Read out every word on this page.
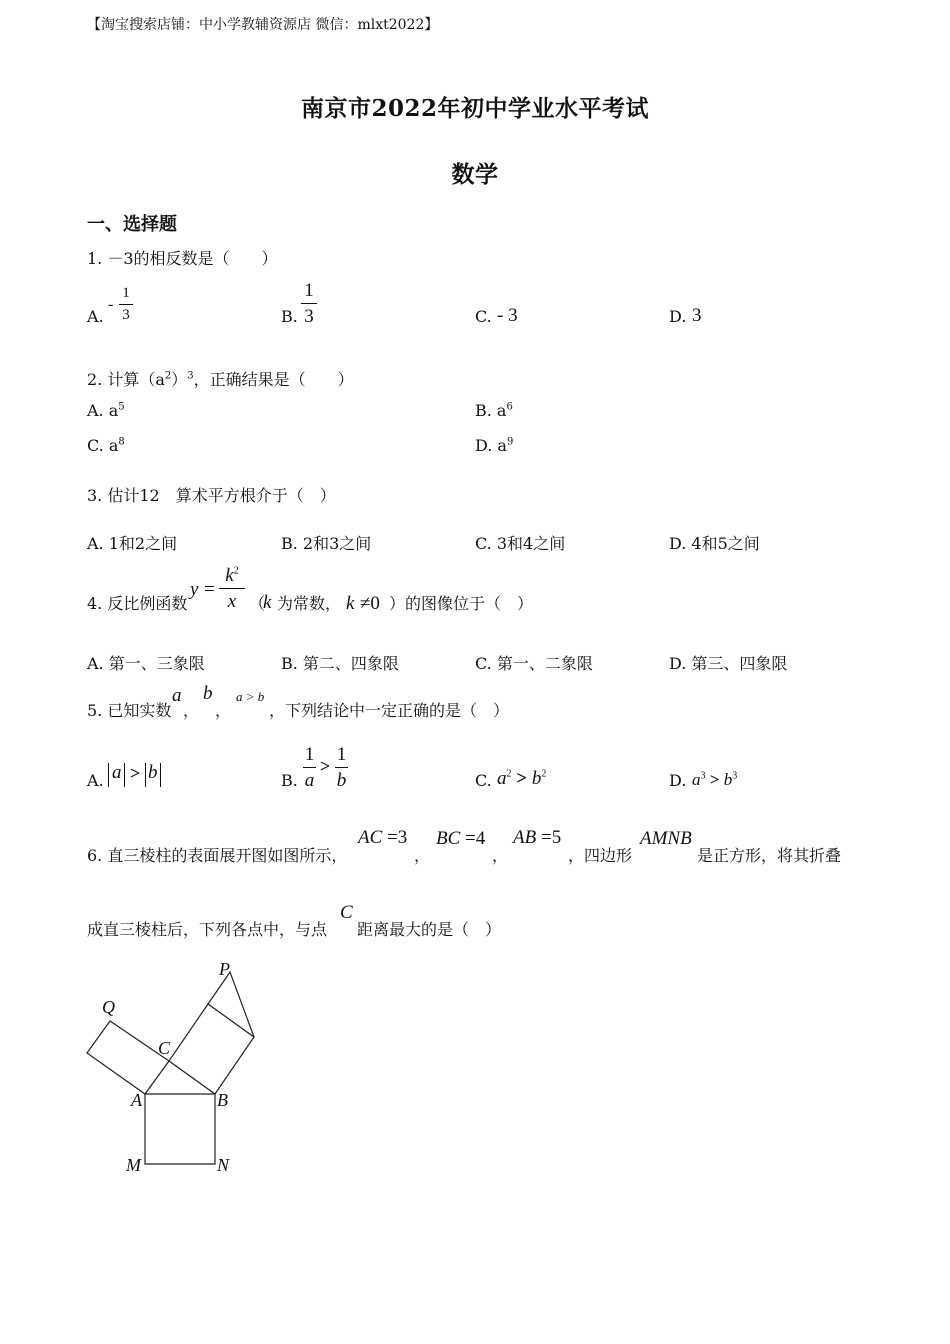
【淘宝搜索店铺：中小学教辅资源店 微信：mlxt2022】
南京市2022年初中学业水平考试
数学
一、选择题
1. －3的相反数是（　　）
A.
-
1
3	B.
1
3	C. - 3	D. 3
2. 计算$(a^2)^3$，正确结果是（　　）
A. $a^5$	B. $a^6$
C. $a^8$	D. $a^9$
3. 估计12　算术平方根介于（　）
A. 1和2之间	B. 2和3之间	C. 3和4之间	D. 4和5之间
4. 反比例函数
y =
$k^2$
x （
k 为常数， k ≠0 ）的图像位于（　）
A. 第一、三象限	B. 第二、四象限	C. 第一、二象限	D. 第三、四象限
5. 已知实数
a
，
b
，
a > b
，下列结论中一定正确的是（　）
A. a > b	B.
1
a
>
1
b	C. $a^2 > b^2$	D. $a^3 > b^3$
6. 直三棱柱的表面展开图如图所示，
AC =3
，
BC =4
，
AB =5
，四边形
AMNB
是正方形，将其折叠
成直三棱柱后，下列各点中，与点
C
距离最大的是（　）
P
Q
C
A	B
M	N
